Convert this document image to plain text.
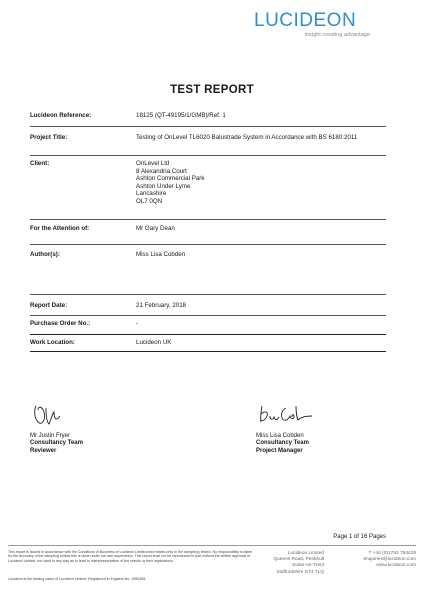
LUCIDEON
insight creating advantage
TEST REPORT
Lucideon Reference:	18125 (QT-49195/1/GMB)/Ref. 1
Project Title:	Testing of OnLevel TL6020 Balustrade System in Accordance with BS 6180:2011
Client:	OnLevel Ltd
8 Alexandria Court
Ashton Commercial Park
Ashton Under Lyme
Lancashire
OL7 0QN
For the Attention of:	Mr Gary Dean
Author(s):	Miss Lisa Cobden
Report Date:	21 February, 2018
Purchase Order No.:	-
Work Location:	Lucideon UK
Mr Justin Fryer
Consultancy Team
Reviewer
Miss Lisa Cobden
Consultancy Team
Project Manager
Page 1 of 16 Pages
This report is issued in accordance with the Conditions of Business of Lucideon Limited and relates only to the sample(s) tested. No responsibility is taken for the accuracy of the sampling unless this is done under our own supervision. This report shall not be reproduced in part without the written approval of Lucideon Limited, nor used in any way as to lead to misrepresentation of the results or their implications.
Lucideon is the trading name of Lucideon Limited. Registered in England No. 1960455.
Lucideon Limited
Queens Road, Penkhull
Stoke-on-Trent
Staffordshire ST4 7LQ
T +44 (0)1782 764428
enquiries@lucideon.com
www.lucideon.com
